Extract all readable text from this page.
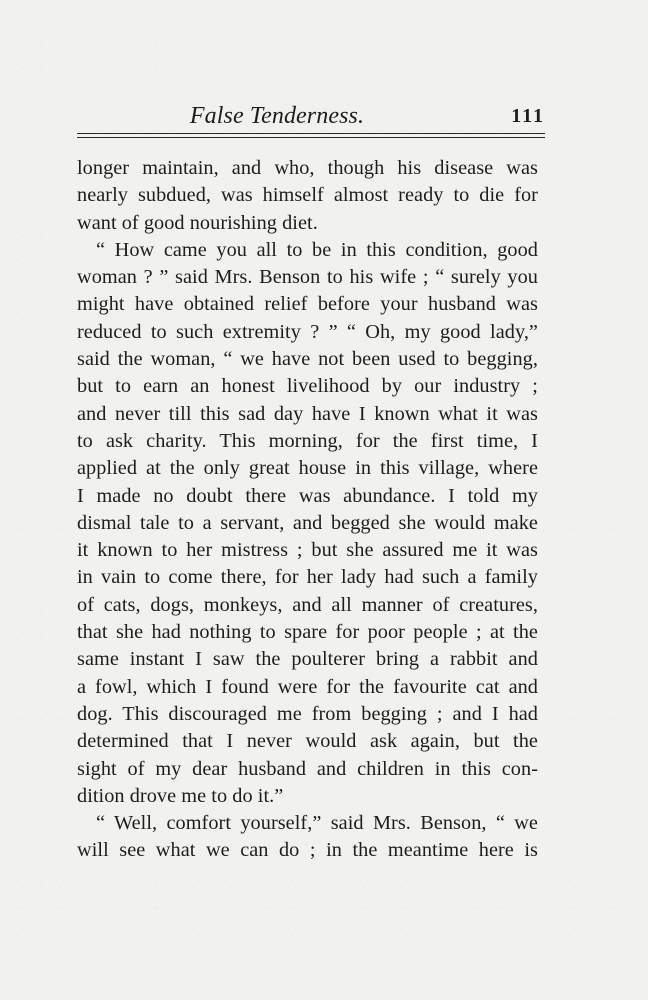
False Tenderness.	111
longer maintain, and who, though his disease was
nearly subdued, was himself almost ready to die for
want of good nourishing diet.
“ How came you all to be in this condition, good
woman ? ” said Mrs. Benson to his wife ; “ surely you
might have obtained relief before your husband was
reduced to such extremity ? ” “ Oh, my good lady,”
said the woman, “ we have not been used to begging,
but to earn an honest livelihood by our industry ;
and never till this sad day have I known what it was
to ask charity. This morning, for the first time, I
applied at the only great house in this village, where
I made no doubt there was abundance. I told my
dismal tale to a servant, and begged she would make
it known to her mistress ; but she assured me it was
in vain to come there, for her lady had such a family
of cats, dogs, monkeys, and all manner of creatures,
that she had nothing to spare for poor people ; at the
same instant I saw the poulterer bring a rabbit and
a fowl, which I found were for the favourite cat and
dog. This discouraged me from begging ; and I had
determined that I never would ask again, but the
sight of my dear husband and children in this con-
dition drove me to do it.”
“ Well, comfort yourself,” said Mrs. Benson, “ we
will see what we can do ; in the meantime here is
